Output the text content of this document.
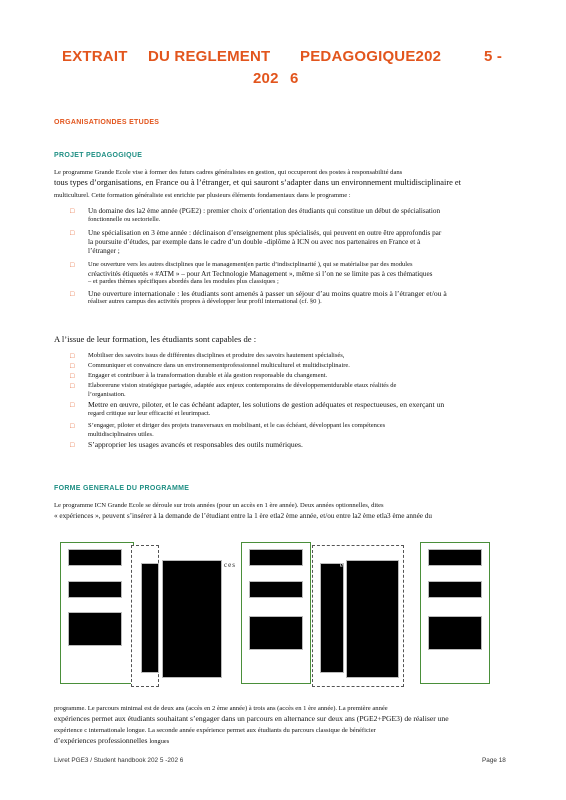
EXTRAIT DU REGLEMENT PEDAGOGIQUE202	5 -
202 6
ORGANISATIONDES ETUDES
PROJET PEDAGOGIQUE
Le programme Grande Ecole vise à former des futurs cadres généralistes en gestion, qui occuperont des postes à responsabilité dans
tous types d’organisations, en France ou à l’étranger, et qui sauront s’adapter dans un environnement multidisciplinaire et
multiculturel. Cette formation généraliste est enrichie par plusieurs éléments fondamentaux dans le programme :
□ Un domaine des la2 ème année (PGE2) : premier choix d’orientation des étudiants qui constitue un début de spécialisation
fonctionnelle ou sectorielle.
□ Une spécialisation en 3 ème année : déclinaison d’enseignement plus spécialisés, qui peuvent en outre être approfondis par
la poursuite d’études, par exemple dans le cadre d’un double -diplôme à ICN ou avec nos partenaires en France et à
l’étranger ;
□ Une ouverture vers les autres disciplines que le management(en partic d’indisciplinarité ), qui se matérialise par des modules
créactivités étiquetés « #ATM » – pour Art Technologie Management », même si l’on ne se limite pas à ces thématiques
– et pardes thèmes spécifiques abordés dans les modules plus classiques ;
□ Une ouverture internationale : les étudiants sont amenés à passer un séjour d’au moins quatre mois à l’étranger et/ou à
réaliser autres campus des activités propres à développer leur profil international (cf. §0 ).
A l’issue de leur formation, les étudiants sont capables de :
□ Mobiliser des savoirs issus de différentes disciplines et produire des savoirs hautement spécialisés,
□ Communiquer et convaincre dans un environnementprofessionnel multiculturel et multidisciplinaire.
□ Engager et contribuer à la transformation durable et àla gestion responsable du changement.
□ Elaborerune vision stratégique partagée, adaptée aux enjeux contemporains de développementdurable etaux réalités de
l’organisation.
□ Mettre en œuvre, piloter, et le cas échéant adapter, les solutions de gestion adéquates et respectueuses, en exerçant un
regard critique sur leur efficacité et leurimpact.
□ S’engager, piloter et diriger des projets transversaux en mobilisant, et le cas échéant, développant les compétences
multidisciplinaires utiles.
□ S’approprier les usages avancés et responsables des outils numériques.
FORME GENERALE DU PROGRAMME
Le programme ICN Grande Ecole se déroule sur trois années (pour un accès en 1 ère année). Deux années optionnelles, dites
« expériences », peuvent s’insérer à la demande de l’étudiant entre la 1 ère etla2 ème année, et/ou entre la2 ème etla3 ème année du
ces	e
programme. Le parcours minimal est de deux ans (accès en 2 ème année) à trois ans (accès en 1 ère année). La première année
expériences permet aux étudiants souhaitant s’engager dans un parcours en alternance sur deux ans (PGE2+PGE3) de réaliser une
expérience c internationale longue. La seconde année expérience permet aux étudiants du parcours classique de bénéficier
d’expériences professionnelles longues
Livret PGE3 / Student handbook 202 5 -202 6	Page 18
